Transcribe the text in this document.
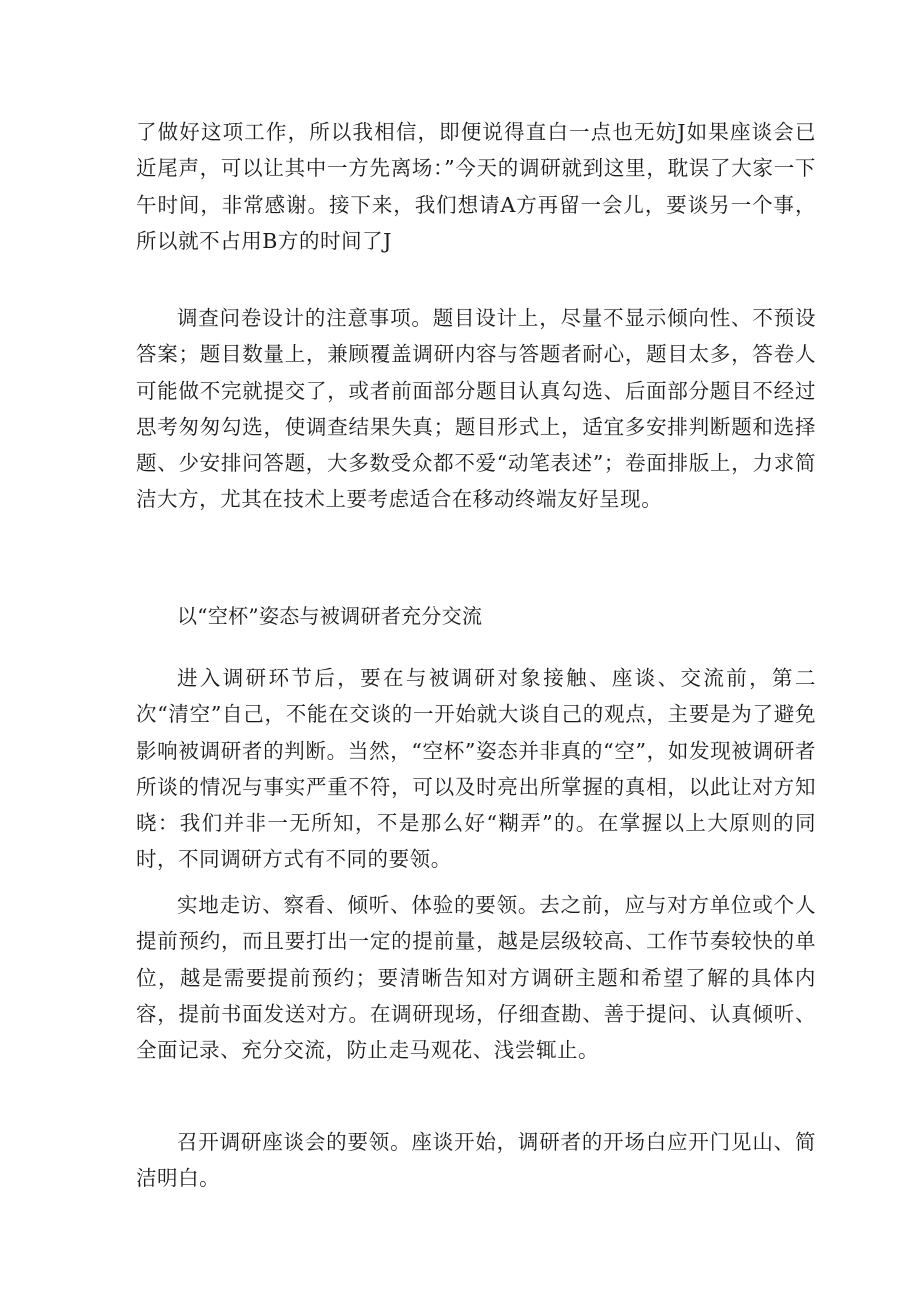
了做好这项工作，所以我相信，即便说得直白一点也无妨J如果座谈会已近尾声，可以让其中一方先离场：”今天的调研就到这里，耽误了大家一下午时间，非常感谢。接下来，我们想请A方再留一会儿，要谈另一个事，所以就不占用B方的时间了J

调查问卷设计的注意事项。题目设计上，尽量不显示倾向性、不预设答案；题目数量上，兼顾覆盖调研内容与答题者耐心，题目太多，答卷人可能做不完就提交了，或者前面部分题目认真勾选、后面部分题目不经过思考匆匆勾选，使调查结果失真；题目形式上，适宜多安排判断题和选择题、少安排问答题，大多数受众都不爱“动笔表述”；卷面排版上，力求简洁大方，尤其在技术上要考虑适合在移动终端友好呈现。

以“空杯”姿态与被调研者充分交流

进入调研环节后，要在与被调研对象接触、座谈、交流前，第二次“清空”自己，不能在交谈的一开始就大谈自己的观点，主要是为了避免影响被调研者的判断。当然，“空杯”姿态并非真的“空”，如发现被调研者所谈的情况与事实严重不符，可以及时亮出所掌握的真相，以此让对方知晓：我们并非一无所知，不是那么好“糊弄”的。在掌握以上大原则的同时，不同调研方式有不同的要领。

实地走访、察看、倾听、体验的要领。去之前，应与对方单位或个人提前预约，而且要打出一定的提前量，越是层级较高、工作节奏较快的单位，越是需要提前预约；要清晰告知对方调研主题和希望了解的具体内容，提前书面发送对方。在调研现场，仔细查勘、善于提问、认真倾听、全面记录、充分交流，防止走马观花、浅尝辄止。

召开调研座谈会的要领。座谈开始，调研者的开场白应开门见山、简洁明白。
